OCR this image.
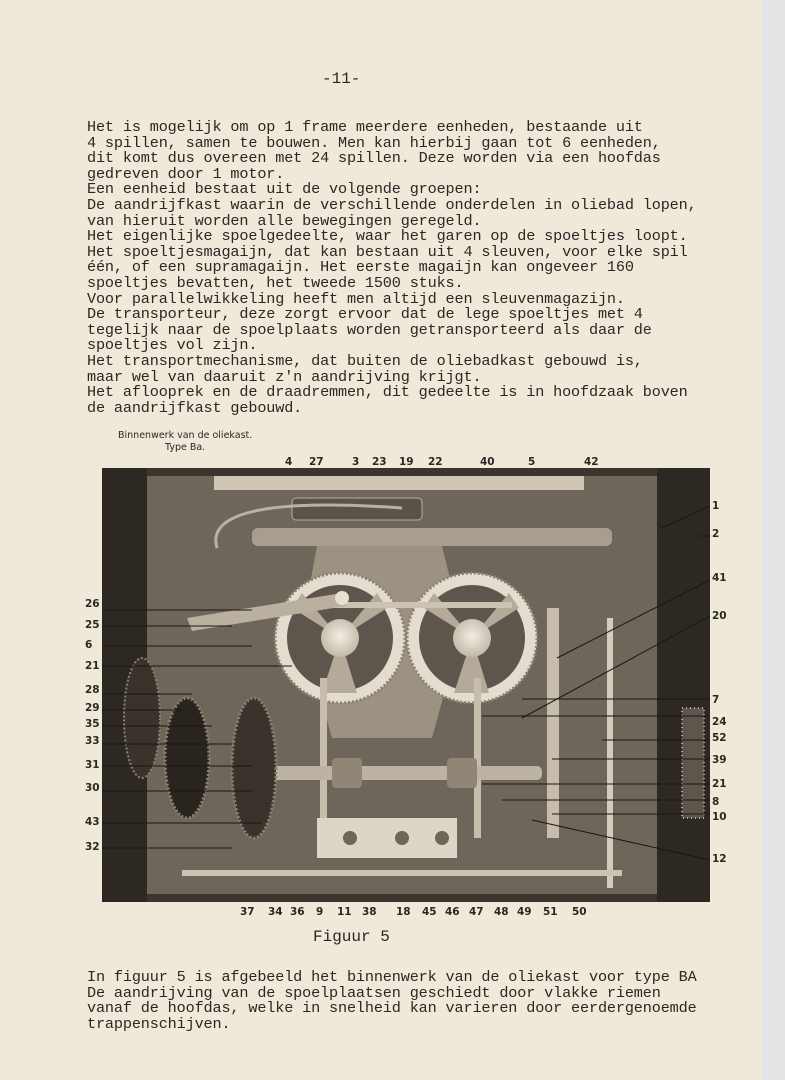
-11-
Het is mogelijk om op 1 frame meerdere eenheden, bestaande uit
4 spillen, samen te bouwen. Men kan hierbij gaan tot 6 eenheden,
dit komt dus overeen met 24 spillen. Deze worden via een hoofdas
gedreven door 1 motor.
Een eenheid bestaat uit de volgende groepen:
De aandrijfkast waarin de verschillende onderdelen in oliebad lopen,
van hieruit worden alle bewegingen geregeld.
Het eigenlijke spoelgedeelte, waar het garen op de spoeltjes loopt.
Het spoeltjesmagaijn, dat kan bestaan uit 4 sleuven, voor elke spil
één, of een supramagaijn. Het eerste magaijn kan ongeveer 160
spoeltjes bevatten, het tweede 1500 stuks.
Voor parallelwikkeling heeft men altijd een sleuvenmagazijn.
De transporteur, deze zorgt ervoor dat de lege spoeltjes met 4
tegelijk naar de spoelplaats worden getransporteerd als daar de
spoeltjes vol zijn.
Het transportmechanisme, dat buiten de oliebadkast gebouwd is,
maar wel van daaruit z'n aandrijving krijgt.
Het aflooprek en de draadremmen, dit gedeelte is in hoofdzaak boven
de aandrijfkast gebouwd.
Binnenwerk van de oliekast.
Type Ba.
4 27	3 23 19 22	40	5	42
1
2
41
20
7
24
52
39
21
8
10
12
26
25
6
21
28
29
35
33
31
30
43
32
37 34 36 9 11 38 18 45 46 47 48 49 51 50
Figuur 5
In figuur 5 is afgebeeld het binnenwerk van de oliekast voor type BA
De aandrijving van de spoelplaatsen geschiedt door vlakke riemen
vanaf de hoofdas, welke in snelheid kan varieren door eerdergenoemde
trappenschijven.
